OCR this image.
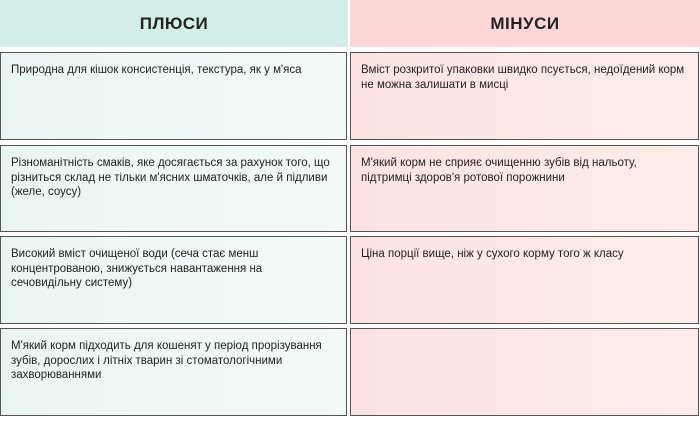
ПЛЮСИ
Природна для кішок консистенція, текстура, як у м'яса
Різноманітність смаків, яке досягається за рахунок того, що різниться склад не тільки м'ясних шматочків, але й підливи (желе, соусу)
Високий вміст очищеної води (сеча стає менш концентрованою, знижується навантаження на сечовидільну систему)
М'який корм підходить для кошенят у період прорізування зубів, дорослих і літніх тварин зі стоматологічними захворюваннями
МІНУСИ
Вміст розкритої упаковки швидко псується, недоїдений корм не можна залишати в мисці
М'який корм не сприяє очищенню зубів від нальоту, підтримці здоров'я ротової порожнини
Ціна порції вище, ніж у сухого корму того ж класу
